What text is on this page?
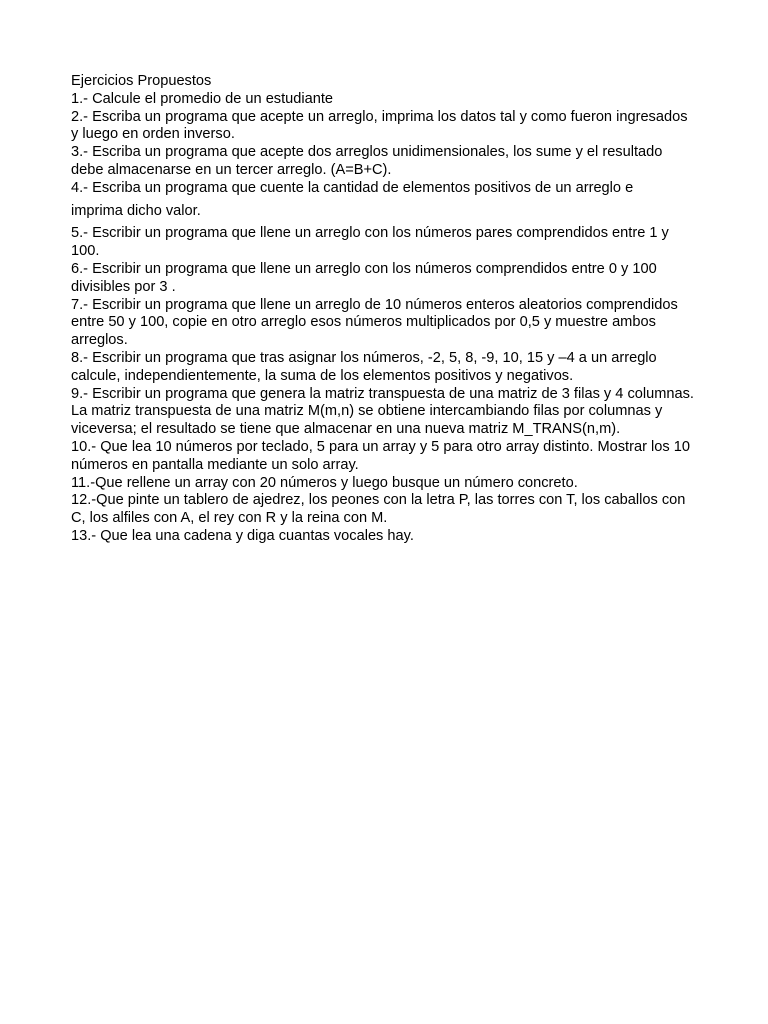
Ejercicios Propuestos

1.- Calcule el promedio de un estudiante

2.- Escriba un programa que acepte un arreglo, imprima los datos tal y como fueron ingresados y luego en orden inverso.

3.- Escriba un programa que acepte dos arreglos unidimensionales, los sume y el resultado debe almacenarse en un tercer arreglo. (A=B+C).

4.- Escriba un programa que cuente la cantidad de elementos positivos de un arreglo e

imprima dicho valor.

5.- Escribir un programa que llene un arreglo con los números pares comprendidos entre 1 y 100.

6.- Escribir un programa que llene un arreglo con los números comprendidos entre 0 y 100 divisibles por 3 .

7.- Escribir un programa que llene un arreglo de 10 números enteros aleatorios comprendidos entre 50 y 100, copie en otro arreglo esos números multiplicados por 0,5 y muestre ambos arreglos.

8.- Escribir un programa que tras asignar los números, -2, 5, 8, -9, 10, 15 y –4 a un arreglo calcule, independientemente, la suma de los elementos positivos y negativos.

9.- Escribir un programa que genera la matriz transpuesta de una matriz de 3 filas y 4 columnas. La matriz transpuesta de una matriz M(m,n) se obtiene intercambiando filas por columnas y viceversa; el resultado se tiene que almacenar en una nueva matriz M_TRANS(n,m).

10.- Que lea 10 números por teclado, 5 para un array y 5 para otro array distinto. Mostrar los 10 números en pantalla mediante un solo array.

11.-Que rellene un array con 20 números y luego busque un número concreto.

12.-Que pinte un tablero de ajedrez, los peones con la letra P, las torres con T, los caballos con C, los alfiles con A, el rey con R y la reina con M.

13.- Que lea una cadena y diga cuantas vocales hay.
